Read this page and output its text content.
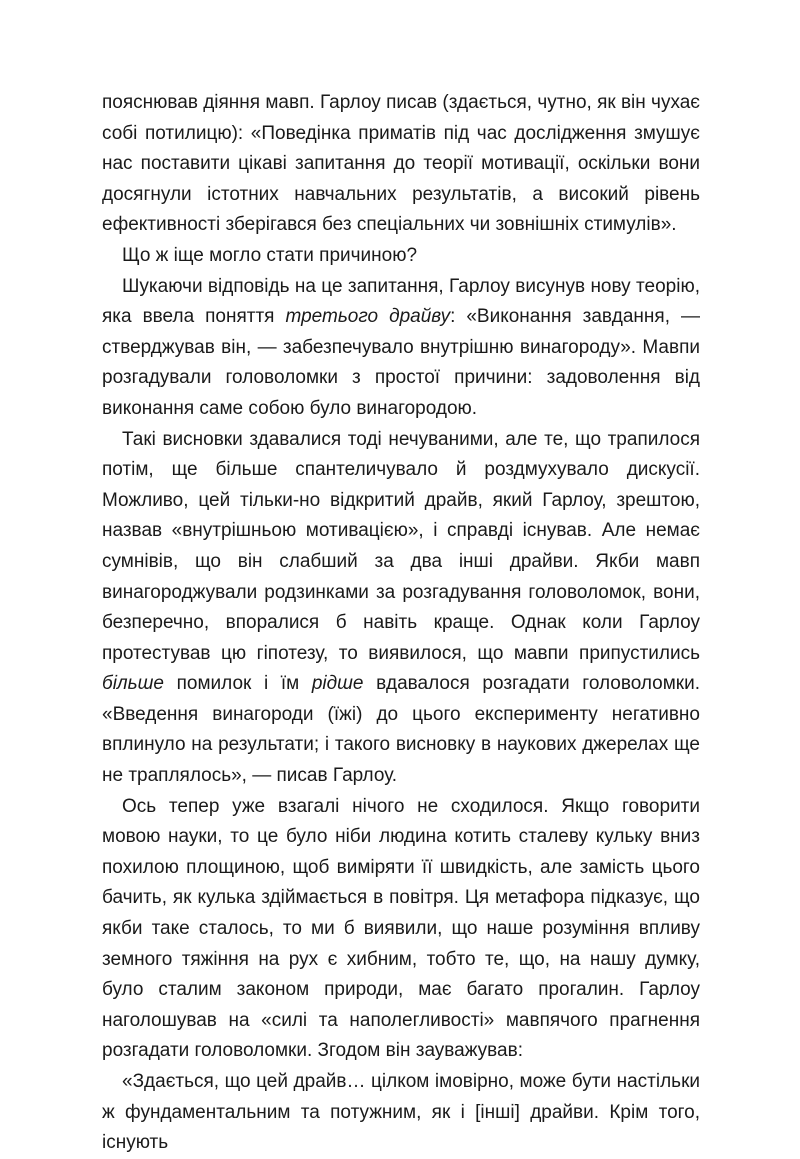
пояснював діяння мавп. Гарлоу писав (здається, чутно, як він чухає собі потилицю): «Поведінка приматів під час дослідження змушує нас поставити цікаві запитання до теорії мотивації, оскільки вони досягнули істотних навчальних результатів, а високий рівень ефективності зберігався без спеціальних чи зовнішніх стимулів».

Що ж іще могло стати причиною?

Шукаючи відповідь на це запитання, Гарлоу висунув нову теорію, яка ввела поняття третього драйву: «Виконання завдання, — стверджував він, — забезпечувало внутрішню винагороду». Мавпи розгадували головоломки з простої причини: задоволення від виконання саме собою було винагородою.

Такі висновки здавалися тоді нечуваними, але те, що трапилося потім, ще більше спантеличувало й роздмухувало дискусії. Можливо, цей тільки-но відкритий драйв, який Гарлоу, зрештою, назвав «внутрішньою мотивацією», і справді існував. Але немає сумнівів, що він слабший за два інші драйви. Якби мавп винагороджували родзинками за розгадування головоломок, вони, безперечно, впоралися б навіть краще. Однак коли Гарлоу протестував цю гіпотезу, то виявилося, що мавпи припустились більше помилок і їм рідше вдавалося розгадати головоломки. «Введення винагороди (їжі) до цього експерименту негативно вплинуло на результати; і такого висновку в наукових джерелах ще не траплялось», — писав Гарлоу.

Ось тепер уже взагалі нічого не сходилося. Якщо говорити мовою науки, то це було ніби людина котить сталеву кульку вниз похилою площиною, щоб виміряти її швидкість, але замість цього бачить, як кулька здіймається в повітря. Ця метафора підказує, що якби таке сталось, то ми б виявили, що наше розуміння впливу земного тяжіння на рух є хибним, тобто те, що, на нашу думку, було сталим законом природи, має багато прогалин. Гарлоу наголошував на «силі та наполегливості» мавпячого прагнення розгадати головоломки. Згодом він зауважував:

«Здається, що цей драйв… цілком імовірно, може бути настільки ж фундаментальним та потужним, як і [інші] драйви. Крім того, існують
